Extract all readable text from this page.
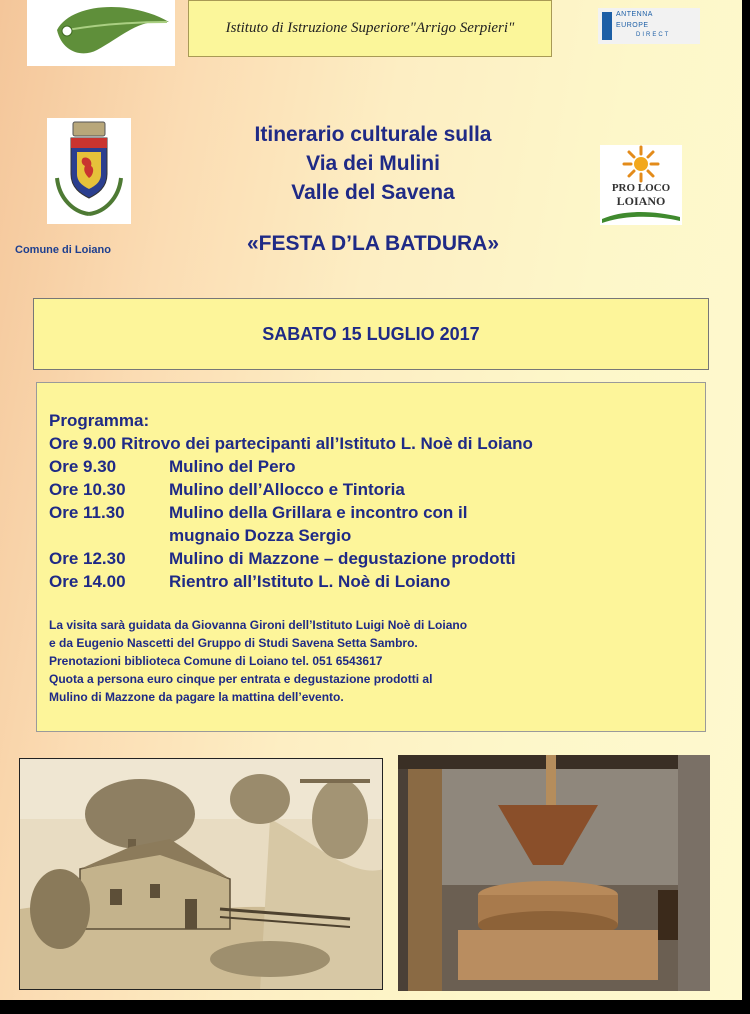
Istituto di Istruzione Superiore"Arrigo Serpieri"
ANTENNA
EUROPE
DIRECT
Comune di Loiano
Itinerario culturale sulla
Via dei Mulini
Valle del Savena
«FESTA D’LA BATDURA»
PRO LOCO
LOIANO
SABATO 15 LUGLIO 2017
Programma:
Ore 9.00 Ritrovo dei partecipanti all’Istituto L. Noè di Loiano
Ore 9.30	Mulino del Pero
Ore 10.30	Mulino dell’Allocco e Tintoria
Ore 11.30	Mulino della Grillara e incontro con il
mugnaio Dozza Sergio
Ore 12.30	Mulino di Mazzone – degustazione prodotti
Ore 14.00	Rientro all’Istituto L. Noè di Loiano
La visita sarà guidata da Giovanna Gironi dell’Istituto Luigi Noè di Loiano
e da Eugenio Nascetti del Gruppo di Studi Savena Setta Sambro.
Prenotazioni biblioteca Comune di Loiano tel. 051 6543617
Quota a persona euro cinque per entrata e degustazione prodotti al
Mulino di Mazzone da pagare la mattina dell’evento.
